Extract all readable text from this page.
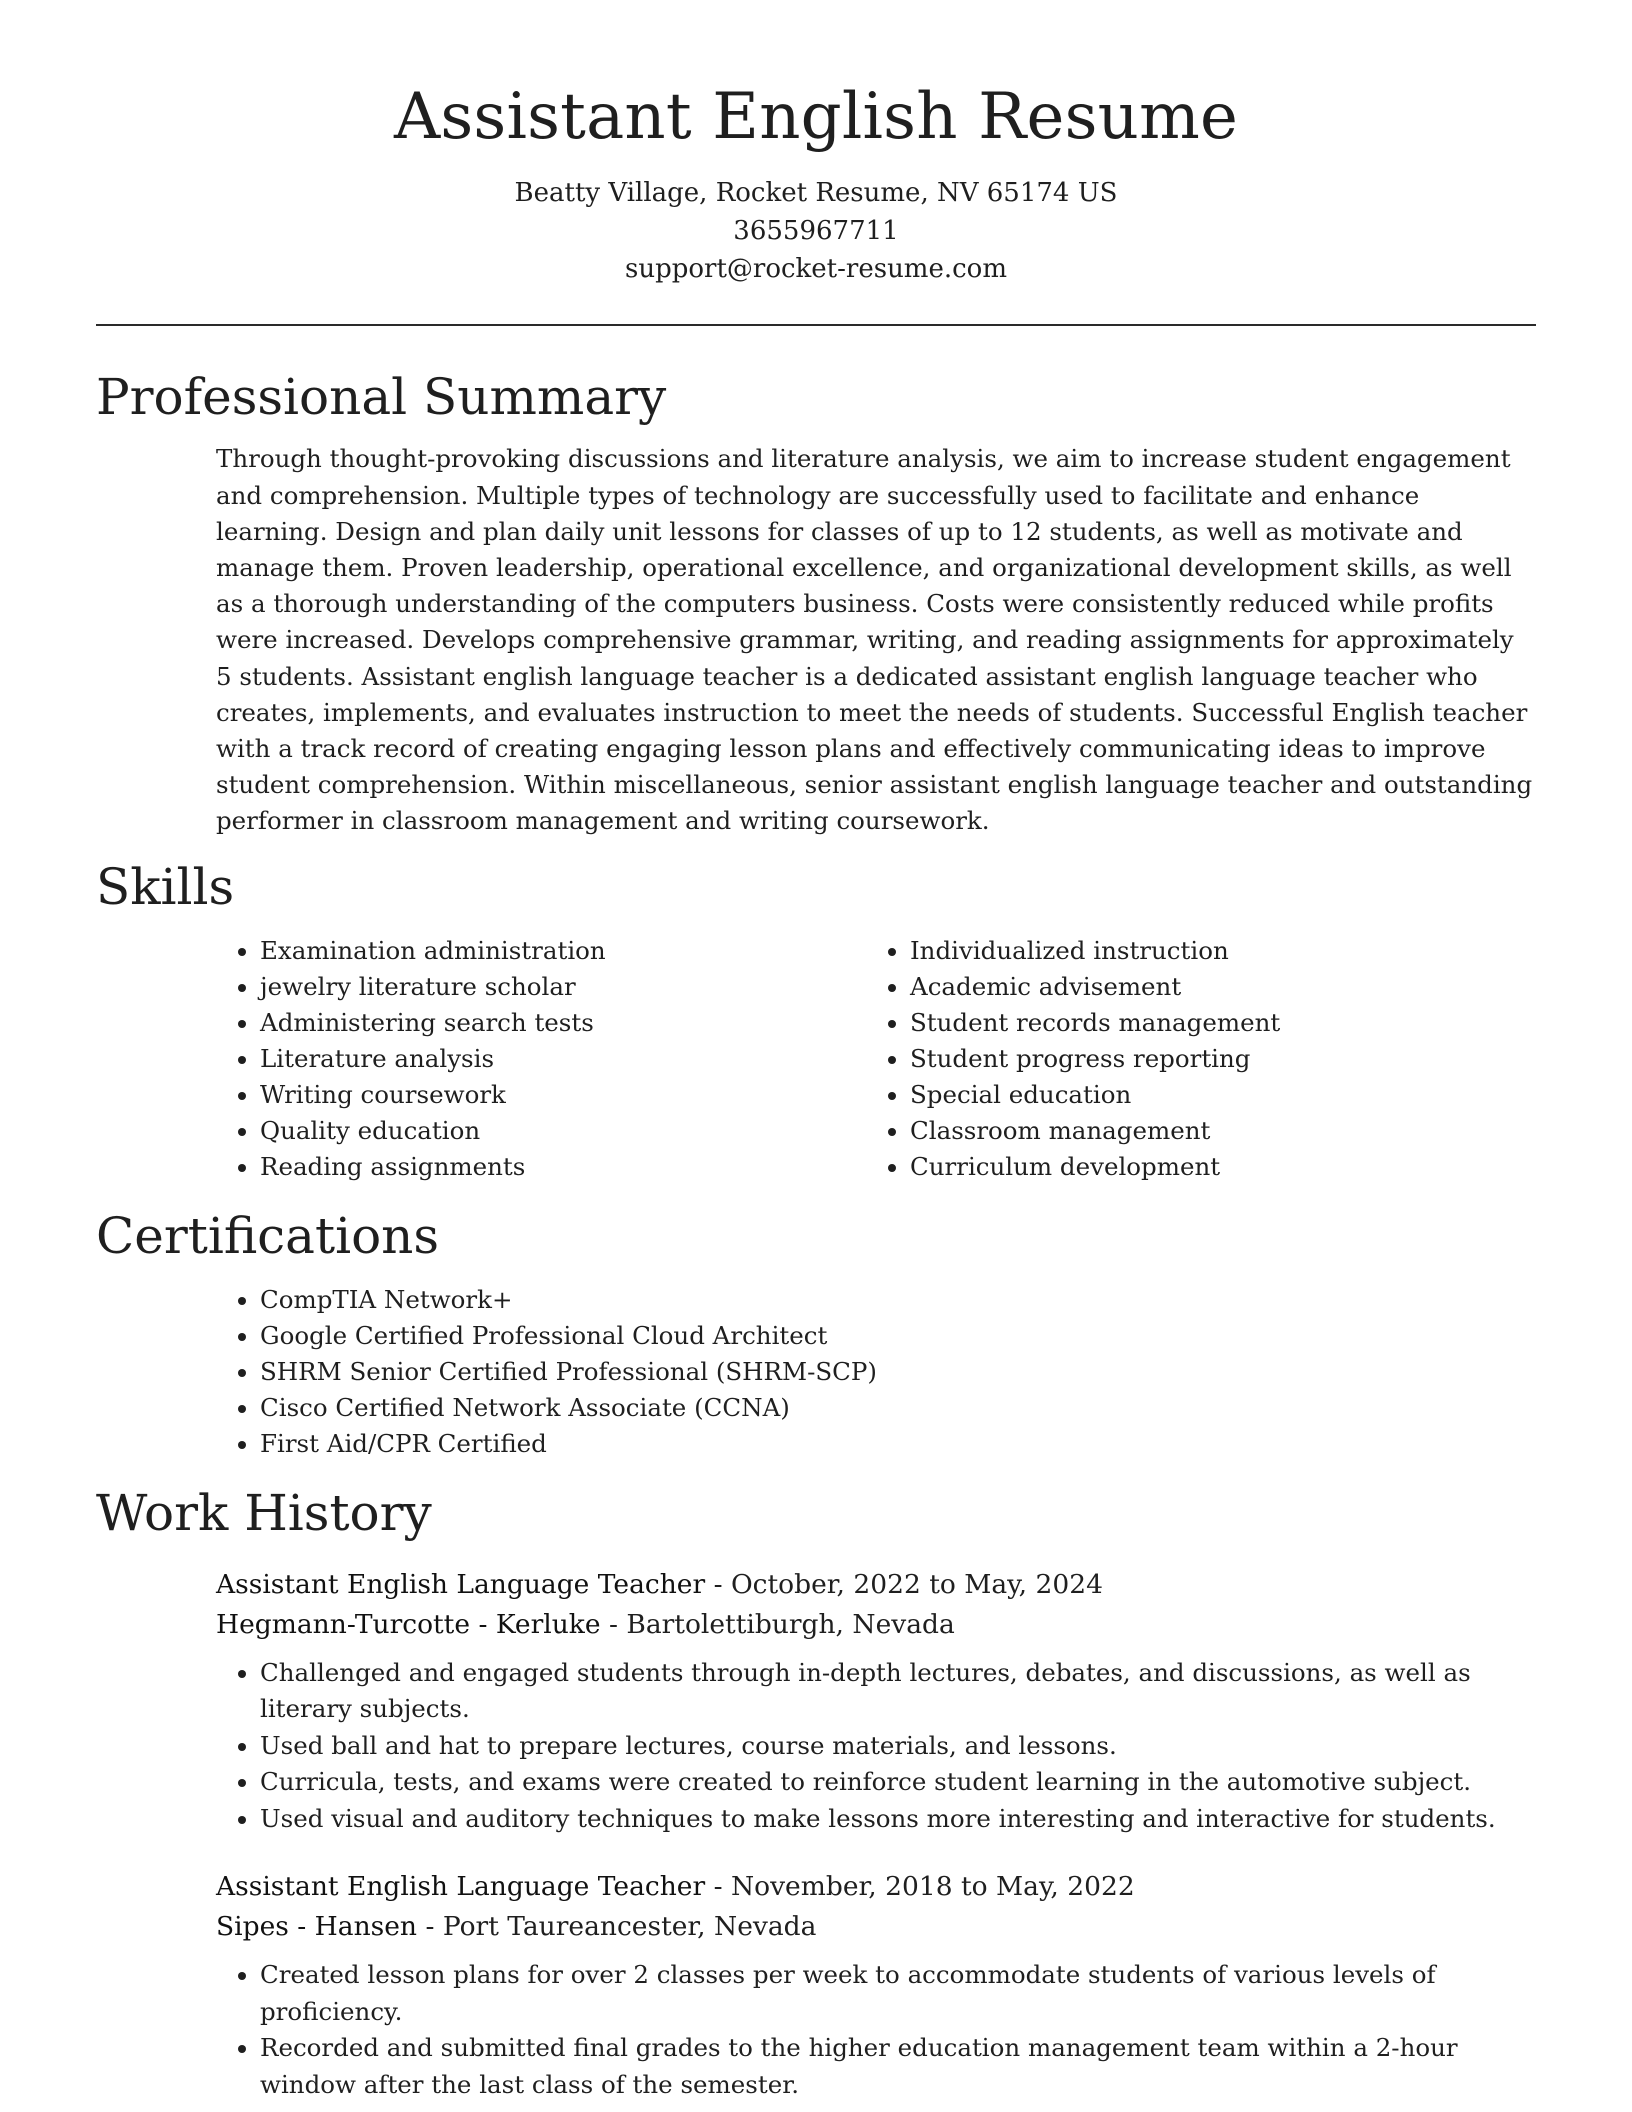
Assistant English Resume
Beatty Village, Rocket Resume, NV 65174 US
3655967711
support@rocket-resume.com
Professional Summary

Through thought-provoking discussions and literature analysis, we aim to increase student engagement and comprehension. Multiple types of technology are successfully used to facilitate and enhance learning. Design and plan daily unit lessons for classes of up to 12 students, as well as motivate and manage them. Proven leadership, operational excellence, and organizational development skills, as well as a thorough understanding of the computers business. Costs were consistently reduced while profits were increased. Develops comprehensive grammar, writing, and reading assignments for approximately 5 students. Assistant english language teacher is a dedicated assistant english language teacher who creates, implements, and evaluates instruction to meet the needs of students. Successful English teacher with a track record of creating engaging lesson plans and effectively communicating ideas to improve student comprehension. Within miscellaneous, senior assistant english language teacher and outstanding performer in classroom management and writing coursework.

Skills
• Examination administration
• jewelry literature scholar
• Administering search tests
• Literature analysis
• Writing coursework
• Quality education
• Reading assignments
• Individualized instruction
• Academic advisement
• Student records management
• Student progress reporting
• Special education
• Classroom management
• Curriculum development
Certifications
• CompTIA Network+
• Google Certified Professional Cloud Architect
• SHRM Senior Certified Professional (SHRM-SCP)
• Cisco Certified Network Associate (CCNA)
• First Aid/CPR Certified
Work History
Assistant English Language Teacher - October, 2022 to May, 2024
Hegmann-Turcotte - Kerluke - Bartolettiburgh, Nevada
• Challenged and engaged students through in-depth lectures, debates, and discussions, as well as literary subjects.
• Used ball and hat to prepare lectures, course materials, and lessons.
• Curricula, tests, and exams were created to reinforce student learning in the automotive subject.
• Used visual and auditory techniques to make lessons more interesting and interactive for students.
Assistant English Language Teacher - November, 2018 to May, 2022
Sipes - Hansen - Port Taureancester, Nevada
• Created lesson plans for over 2 classes per week to accommodate students of various levels of proficiency.
• Recorded and submitted final grades to the higher education management team within a 2-hour window after the last class of the semester.
